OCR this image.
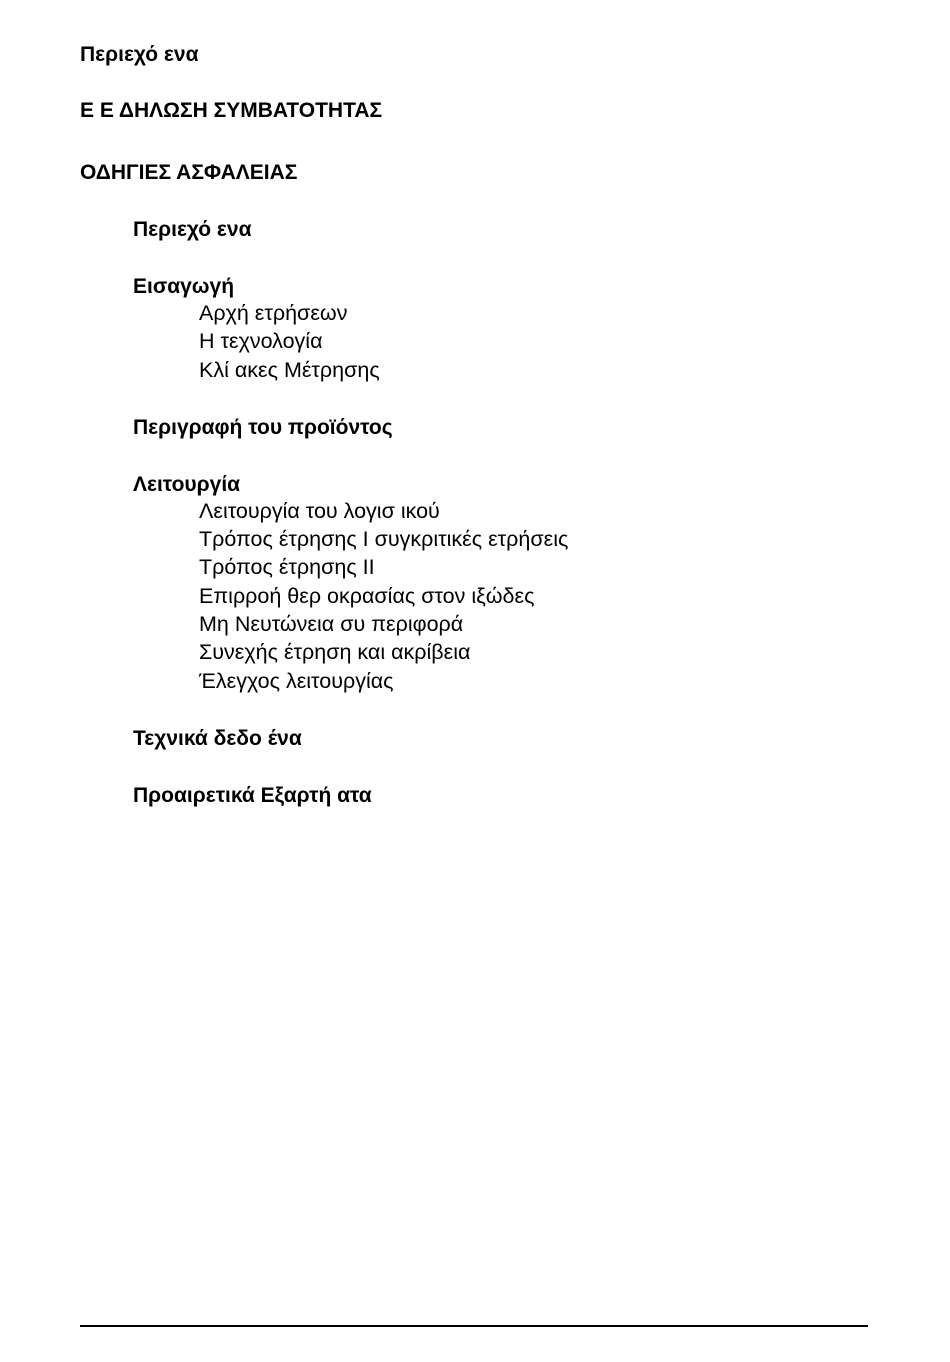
Περιεχό ενα
Ε Ε ΔΗΛΩΣΗ ΣΥΜΒΑΤΟΤΗΤΑΣ
ΟΔΗΓΙΕΣ ΑΣΦΑΛΕΙΑΣ
Περιεχό ενα
Εισαγωγή
Αρχή ετρήσεων
Η τεχνολογία
Κλί ακες Μέτρησης
Περιγραφή του προϊόντος
Λειτουργία
Λειτουργία του λογισ ικού
Τρόπος έτρησης Ι συγκριτικές ετρήσεις
Τρόπος έτρησης ΙΙ
Επιρροή θερ οκρασίας στον ιξώδες
Μη Νευτώνεια συ περιφορά
Συνεχής έτρηση και ακρίβεια
Έλεγχος λειτουργίας
Τεχνικά δεδο ένα
Προαιρετικά Εξαρτή ατα
